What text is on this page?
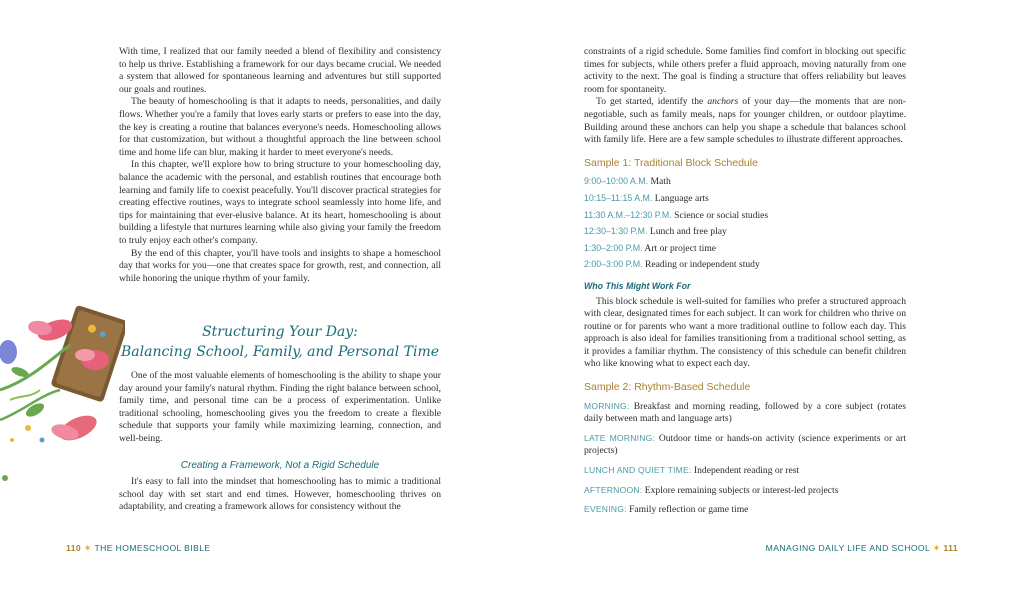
With time, I realized that our family needed a blend of flexibility and consistency to help us thrive. Establishing a framework for our days became crucial. We needed a system that allowed for spontaneous learning and adventures but still supported our goals and routines.

The beauty of homeschooling is that it adapts to needs, personalities, and daily flows. Whether you're a family that loves early starts or prefers to ease into the day, the key is creating a routine that balances everyone's needs. Homeschooling allows for that customization, but without a thoughtful approach the line between school time and home life can blur, making it harder to meet everyone's needs.

In this chapter, we'll explore how to bring structure to your homeschooling day, balance the academic with the personal, and establish routines that encourage both learning and family life to coexist peacefully. You'll discover practical strategies for creating effective routines, ways to integrate school seamlessly into home life, and tips for maintaining that ever-elusive balance. At its heart, homeschooling is about building a lifestyle that nurtures learning while also giving your family the freedom to truly enjoy each other's company.

By the end of this chapter, you'll have tools and insights to shape a homeschool day that works for you—one that creates space for growth, rest, and connection, all while honoring the unique rhythm of your family.

Structuring Your Day:
Balancing School, Family, and Personal Time

One of the most valuable elements of homeschooling is the ability to shape your day around your family's natural rhythm. Finding the right balance between school, family time, and personal time can be a process of experimentation. Unlike traditional schooling, homeschooling gives you the freedom to create a flexible schedule that supports your family while maximizing learning, connection, and well-being.

Creating a Framework, Not a Rigid Schedule

It's easy to fall into the mindset that homeschooling has to mimic a traditional school day with set start and end times. However, homeschooling thrives on adaptability, and creating a framework allows for consistency without the

110 ✶ THE HOMESCHOOL BIBLE

constraints of a rigid schedule. Some families find comfort in blocking out specific times for subjects, while others prefer a fluid approach, moving naturally from one activity to the next. The goal is finding a structure that offers reliability but leaves room for spontaneity.

To get started, identify the anchors of your day—the moments that are non-negotiable, such as family meals, naps for younger children, or outdoor playtime. Building around these anchors can help you shape a schedule that balances school with family life. Here are a few sample schedules to illustrate different approaches.

Sample 1: Traditional Block Schedule
9:00–10:00 A.M. Math
10:15–11:15 A.M. Language arts
11:30 A.M.–12:30 P.M. Science or social studies
12:30–1:30 P.M. Lunch and free play
1:30–2:00 P.M. Art or project time
2:00–3:00 P.M. Reading or independent study
Who This Might Work For

This block schedule is well-suited for families who prefer a structured approach with clear, designated times for each subject. It can work for children who thrive on routine or for parents who want a more traditional outline to follow each day. This approach is also ideal for families transitioning from a traditional school setting, as it provides a familiar rhythm. The consistency of this schedule can benefit children who like knowing what to expect each day.

Sample 2: Rhythm-Based Schedule
MORNING: Breakfast and morning reading, followed by a core subject (rotates daily between math and language arts)
LATE MORNING: Outdoor time or hands-on activity (science experiments or art projects)
LUNCH AND QUIET TIME: Independent reading or rest
AFTERNOON: Explore remaining subjects or interest-led projects
EVENING: Family reflection or game time
MANAGING DAILY LIFE AND SCHOOL ✶ 111
